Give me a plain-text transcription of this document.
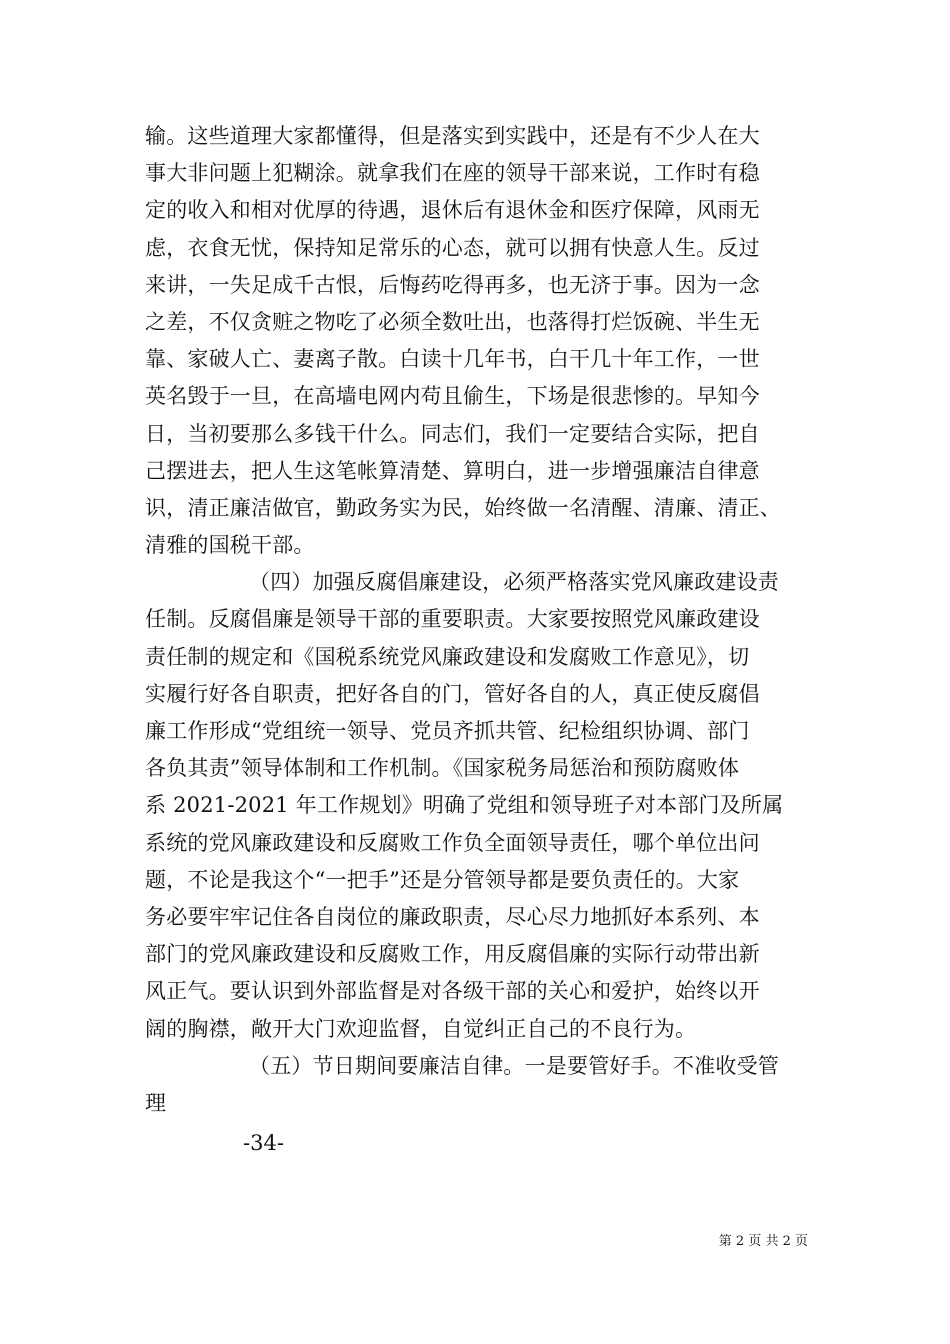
输。这些道理大家都懂得，但是落实到实践中，还是有不少人在大
事大非问题上犯糊涂。就拿我们在座的领导干部来说，工作时有稳
定的收入和相对优厚的待遇，退休后有退休金和医疗保障，风雨无
虑，衣食无忧，保持知足常乐的心态，就可以拥有快意人生。反过
来讲，一失足成千古恨，后悔药吃得再多，也无济于事。因为一念
之差，不仅贪赃之物吃了必须全数吐出，也落得打烂饭碗、半生无
靠、家破人亡、妻离子散。白读十几年书，白干几十年工作，一世
英名毁于一旦，在高墙电网内苟且偷生，下场是很悲惨的。早知今
日，当初要那么多钱干什么。同志们，我们一定要结合实际，把自
己摆进去，把人生这笔帐算清楚、算明白，进一步增强廉洁自律意
识，清正廉洁做官，勤政务实为民，始终做一名清醒、清廉、清正、
清雅的国税干部。
（四）加强反腐倡廉建设，必须严格落实党风廉政建设责
任制。反腐倡廉是领导干部的重要职责。大家要按照党风廉政建设
责任制的规定和《国税系统党风廉政建设和发腐败工作意见》，切
实履行好各自职责，把好各自的门，管好各自的人，真正使反腐倡
廉工作形成“党组统一领导、党员齐抓共管、纪检组织协调、部门
各负其责”领导体制和工作机制。《国家税务局惩治和预防腐败体
系 2021-2021 年工作规划》明确了党组和领导班子对本部门及所属
系统的党风廉政建设和反腐败工作负全面领导责任，哪个单位出问
题，不论是我这个“一把手”还是分管领导都是要负责任的。大家
务必要牢牢记住各自岗位的廉政职责，尽心尽力地抓好本系列、本
部门的党风廉政建设和反腐败工作，用反腐倡廉的实际行动带出新
风正气。要认识到外部监督是对各级干部的关心和爱护，始终以开
阔的胸襟，敞开大门欢迎监督，自觉纠正自己的不良行为。
（五）节日期间要廉洁自律。一是要管好手。不准收受管
理
-34-
第 2 页 共 2 页
